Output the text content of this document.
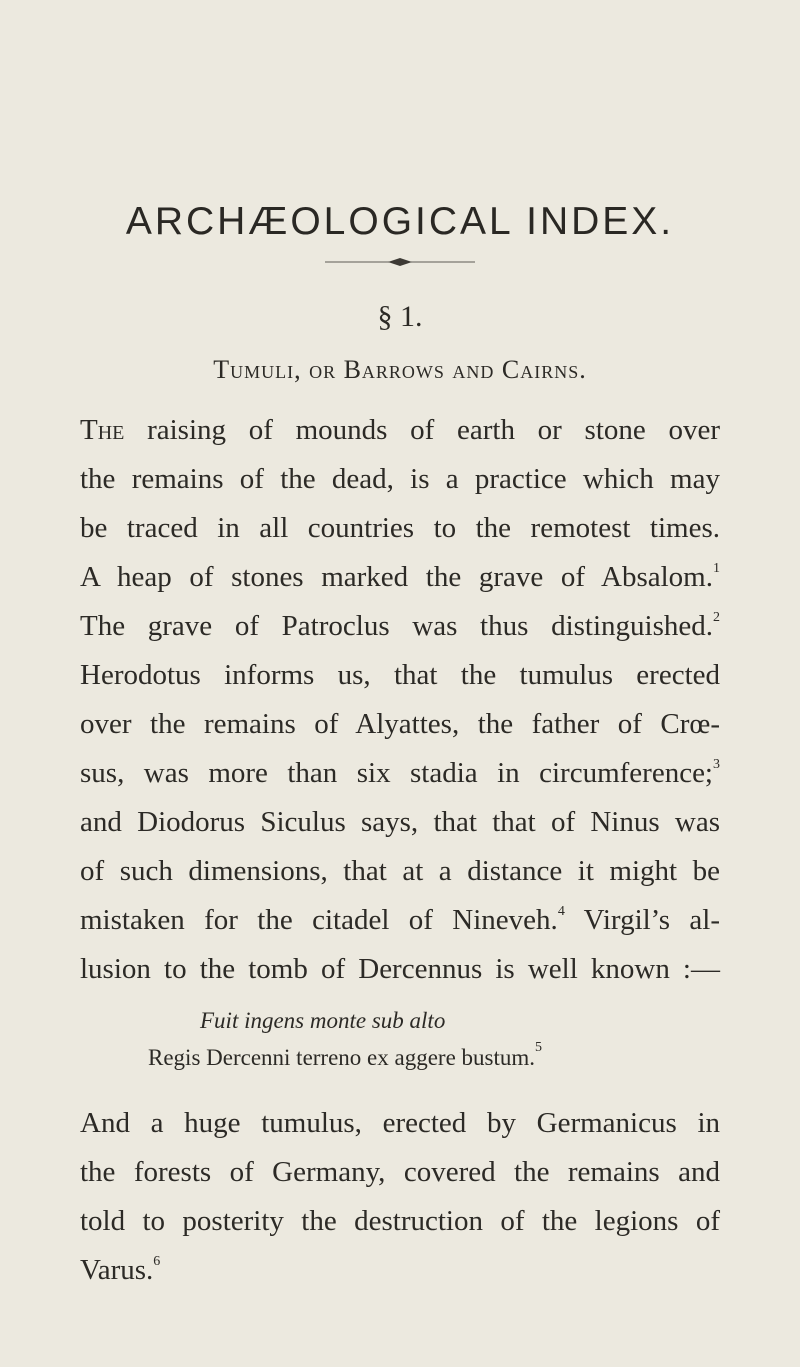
ARCHÆOLOGICAL INDEX.
§ 1.
Tumuli, or Barrows and Cairns.
The raising of mounds of earth or stone over
the remains of the dead, is a practice which may
be traced in all countries to the remotest times.
A heap of stones marked the grave of Absalom.$^1$
The grave of Patroclus was thus distinguished.$^2$
Herodotus informs us, that the tumulus erected
over the remains of Alyattes, the father of Crœ-
sus, was more than six stadia in circumference;$^3$
and Diodorus Siculus says, that that of Ninus was
of such dimensions, that at a distance it might be
mistaken for the citadel of Nineveh.$^4$ Virgil’s al-
lusion to the tomb of Dercennus is well known :—
Fuit ingens monte sub alto
Regis Dercenni terreno ex aggere bustum.$^5$
And a huge tumulus, erected by Germanicus in
the forests of Germany, covered the remains and
told to posterity the destruction of the legions of
Varus.$^6$
